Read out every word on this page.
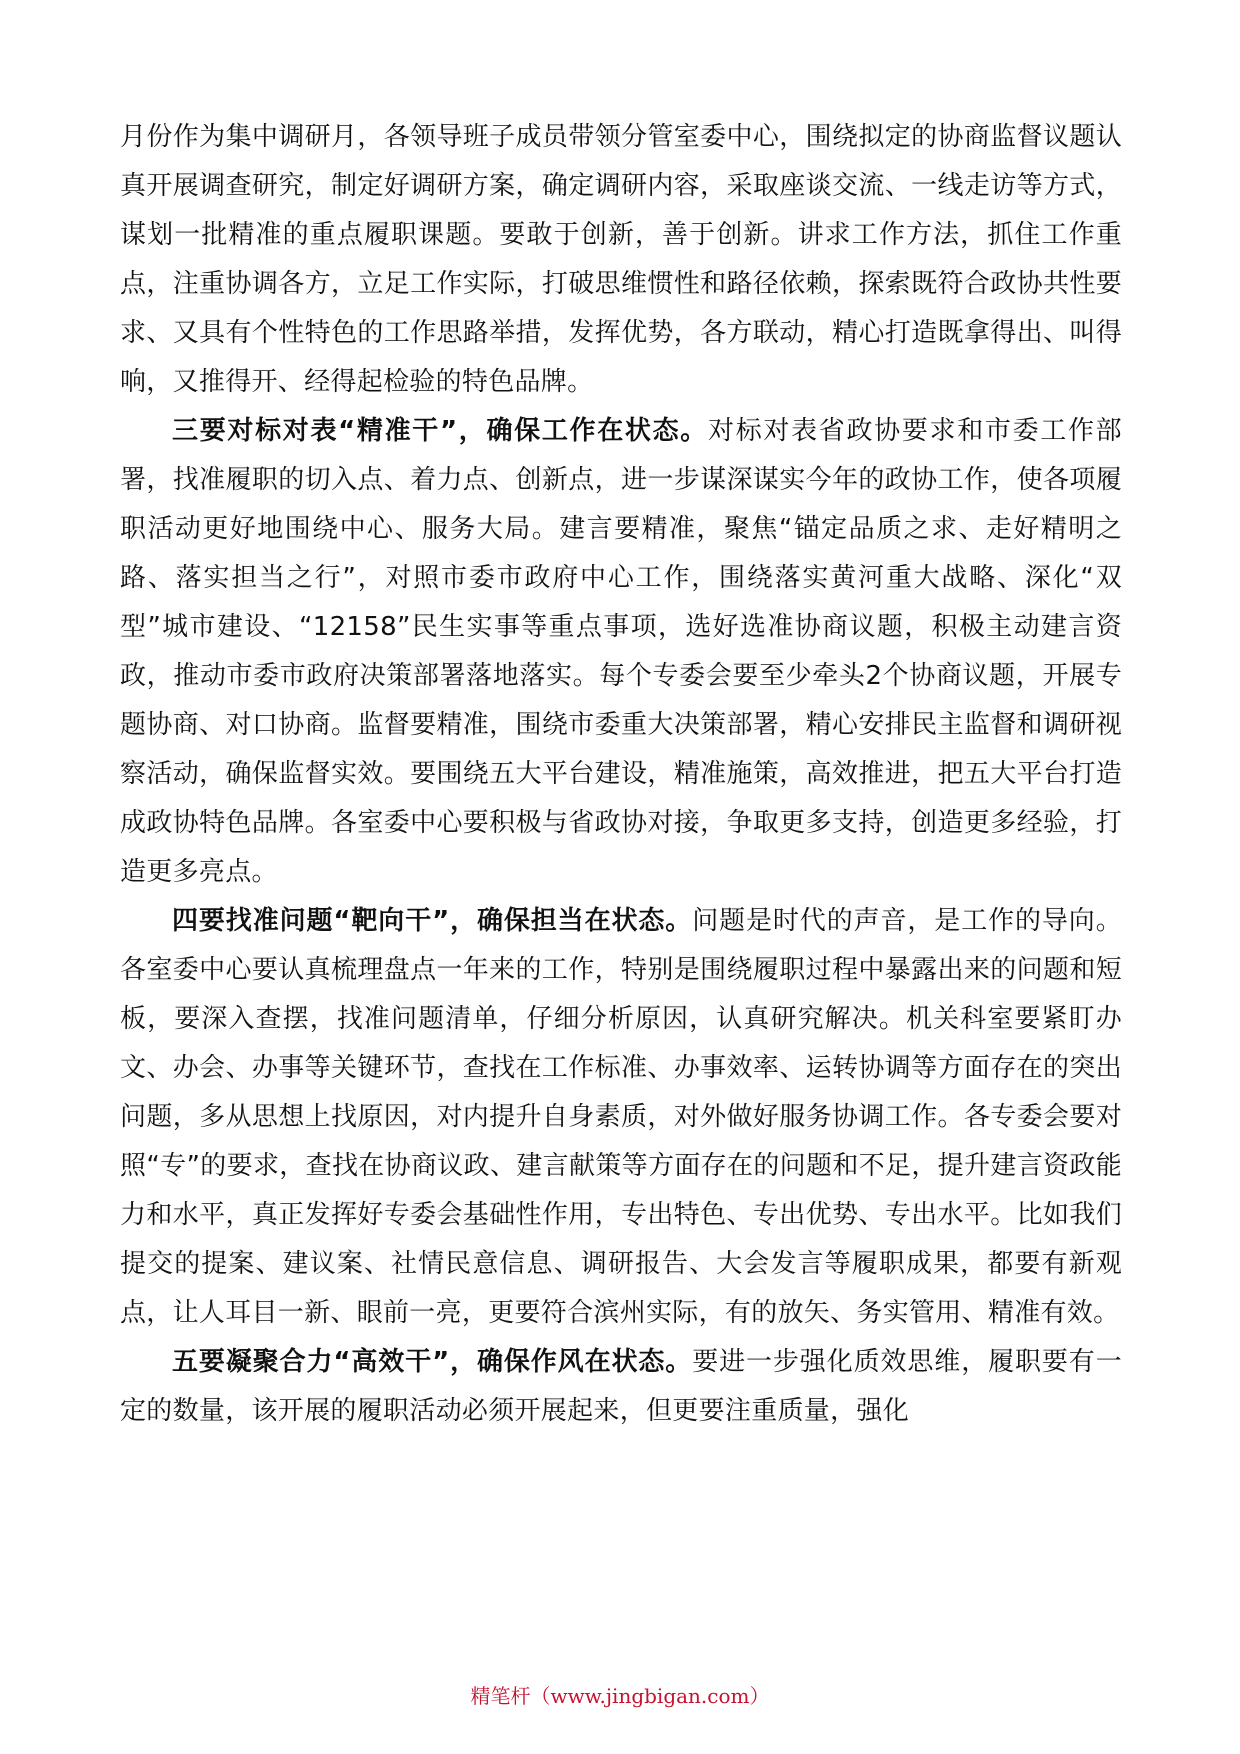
月份作为集中调研月，各领导班子成员带领分管室委中心，围绕拟定的协商监督议题认真开展调查研究，制定好调研方案，确定调研内容，采取座谈交流、一线走访等方式，谋划一批精准的重点履职课题。要敢于创新，善于创新。讲求工作方法，抓住工作重点，注重协调各方，立足工作实际，打破思维惯性和路径依赖，探索既符合政协共性要求、又具有个性特色的工作思路举措，发挥优势，各方联动，精心打造既拿得出、叫得响，又推得开、经得起检验的特色品牌。

三要对标对表“精准干”，确保工作在状态。对标对表省政协要求和市委工作部署，找准履职的切入点、着力点、创新点，进一步谋深谋实今年的政协工作，使各项履职活动更好地围绕中心、服务大局。建言要精准，聚焦“锚定品质之求、走好精明之路、落实担当之行”，对照市委市政府中心工作，围绕落实黄河重大战略、深化“双型”城市建设、“12158”民生实事等重点事项，选好选准协商议题，积极主动建言资政，推动市委市政府决策部署落地落实。每个专委会要至少牵头2个协商议题，开展专题协商、对口协商。监督要精准，围绕市委重大决策部署，精心安排民主监督和调研视察活动，确保监督实效。要围绕五大平台建设，精准施策，高效推进，把五大平台打造成政协特色品牌。各室委中心要积极与省政协对接，争取更多支持，创造更多经验，打造更多亮点。

四要找准问题“靶向干”，确保担当在状态。问题是时代的声音，是工作的导向。各室委中心要认真梳理盘点一年来的工作，特别是围绕履职过程中暴露出来的问题和短板，要深入查摆，找准问题清单，仔细分析原因，认真研究解决。机关科室要紧盯办文、办会、办事等关键环节，查找在工作标准、办事效率、运转协调等方面存在的突出问题，多从思想上找原因，对内提升自身素质，对外做好服务协调工作。各专委会要对照“专”的要求，查找在协商议政、建言献策等方面存在的问题和不足，提升建言资政能力和水平，真正发挥好专委会基础性作用，专出特色、专出优势、专出水平。比如我们提交的提案、建议案、社情民意信息、调研报告、大会发言等履职成果，都要有新观点，让人耳目一新、眼前一亮，更要符合滨州实际，有的放矢、务实管用、精准有效。

五要凝聚合力“高效干”，确保作风在状态。要进一步强化质效思维，履职要有一定的数量，该开展的履职活动必须开展起来，但更要注重质量，强化

精笔杆（www.jingbigan.com）
